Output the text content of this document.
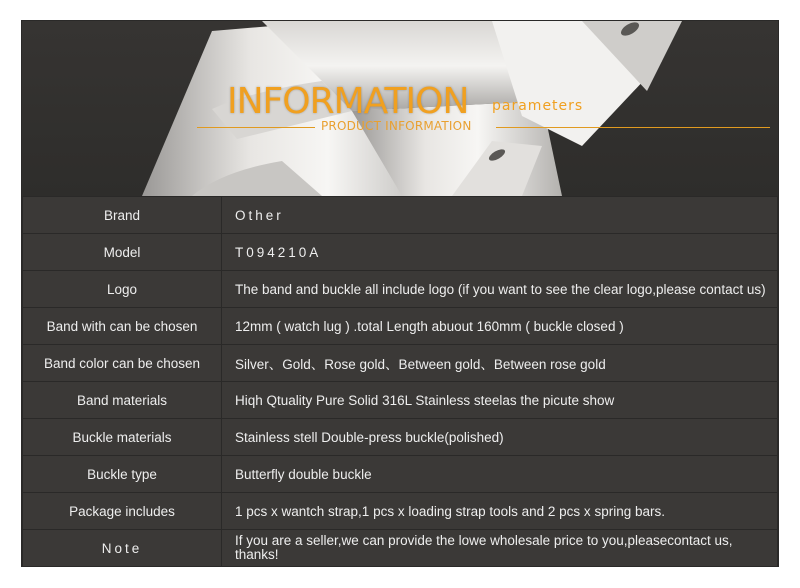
INFORMATION parameters
PRODUCT INFORMATION
Brand	Other
Model	T094210A
Logo	The band and buckle all include logo (if you want to see the clear logo,please contact us)
Band with can be chosen	12mm ( watch lug ) .total Length abuout 160mm ( buckle closed )
Band color can be chosen	Silver、Gold、Rose gold、Between gold、Between rose gold
Band materials	Hiqh Qtuality Pure Solid 316L Stainless steelas the picute show
Buckle materials	Stainless stell Double-press buckle(polished)
Buckle type	Butterfly double buckle
Package includes	1 pcs x wantch strap,1 pcs x loading strap tools and 2 pcs x spring bars.
Note	If you are a seller,we can provide the lowe wholesale price to you,pleasecontact us, thanks!
